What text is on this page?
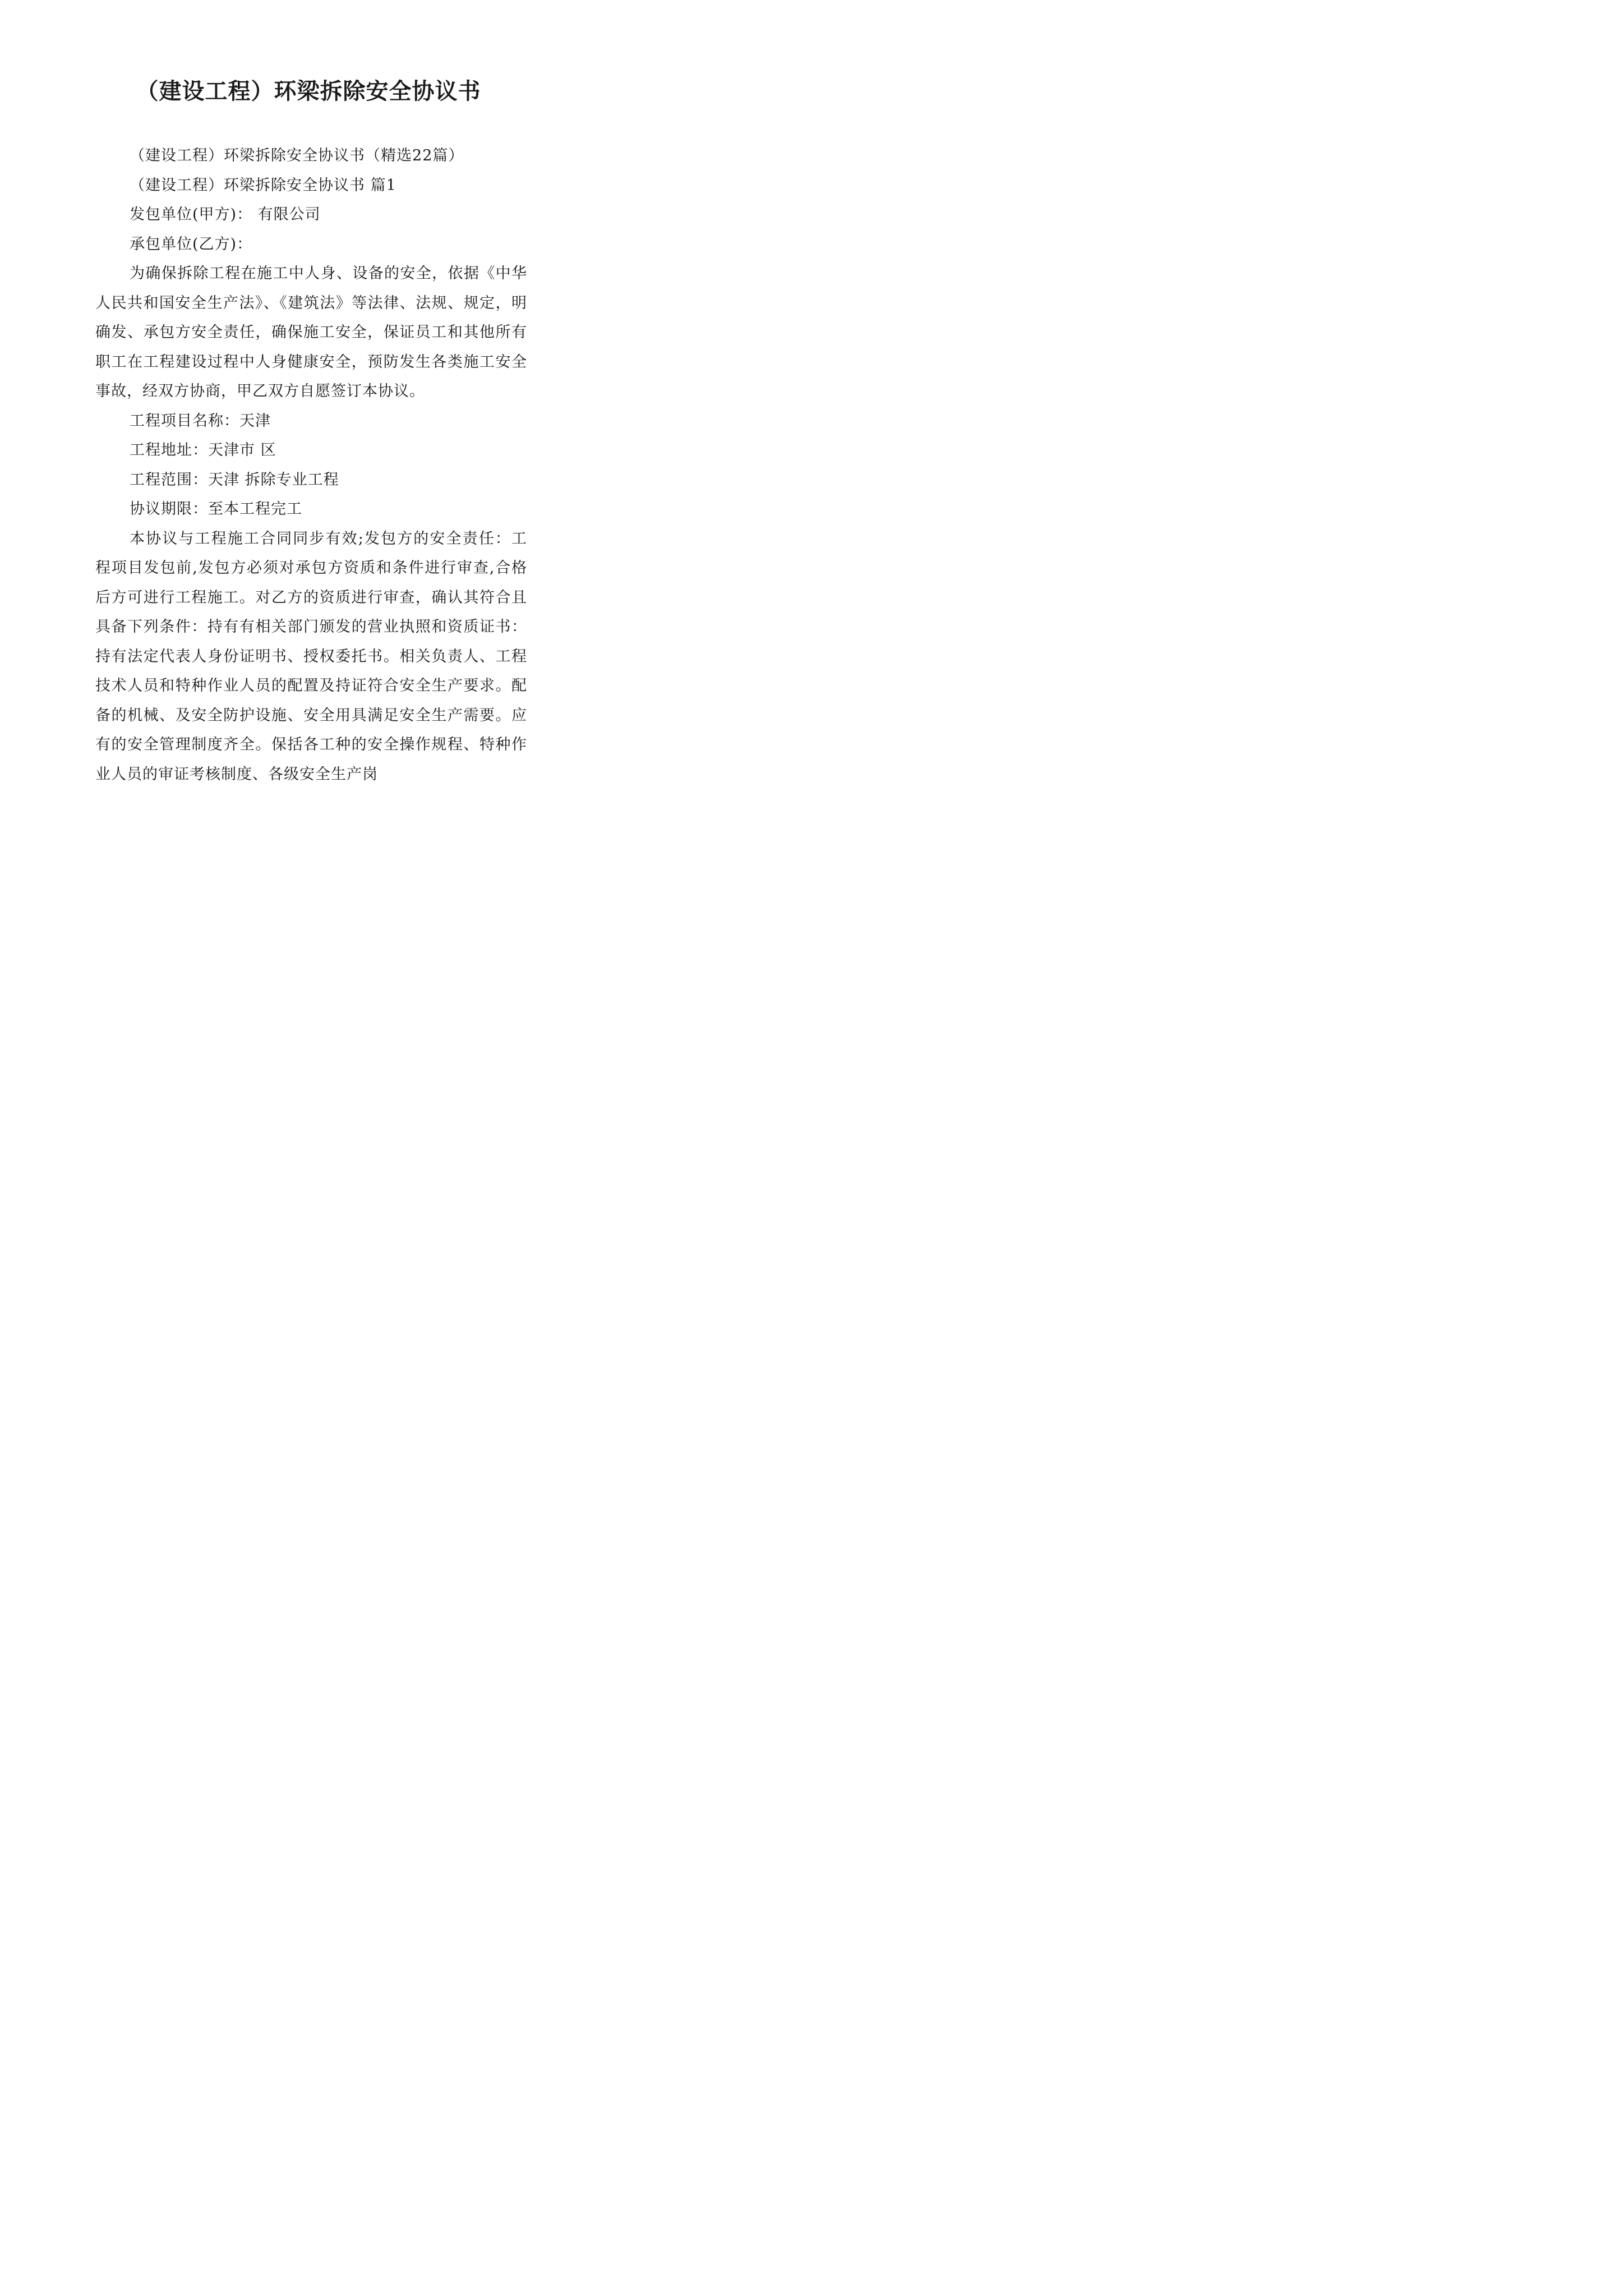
（建设工程）环梁拆除安全协议书

（建设工程）环梁拆除安全协议书（精选22篇）

（建设工程）环梁拆除安全协议书 篇1

发包单位(甲方)： 有限公司

承包单位(乙方)：

为确保拆除工程在施工中人身、设备的安全，依据《中华人民共和国安全生产法》、《建筑法》等法律、法规、规定，明确发、承包方安全责任，确保施工安全，保证员工和其他所有职工在工程建设过程中人身健康安全，预防发生各类施工安全事故，经双方协商，甲乙双方自愿签订本协议。

工程项目名称：天津

工程地址：天津市 区

工程范围：天津 拆除专业工程

协议期限：至本工程完工

本协议与工程施工合同同步有效;发包方的安全责任：工程项目发包前,发包方必须对承包方资质和条件进行审查,合格后方可进行工程施工。对乙方的资质进行审查，确认其符合且具备下列条件：持有有相关部门颁发的营业执照和资质证书：持有法定代表人身份证明书、授权委托书。相关负责人、工程技术人员和特种作业人员的配置及持证符合安全生产要求。配备的机械、及安全防护设施、安全用具满足安全生产需要。应有的安全管理制度齐全。保括各工种的安全操作规程、特种作业人员的审证考核制度、各级安全生产岗
